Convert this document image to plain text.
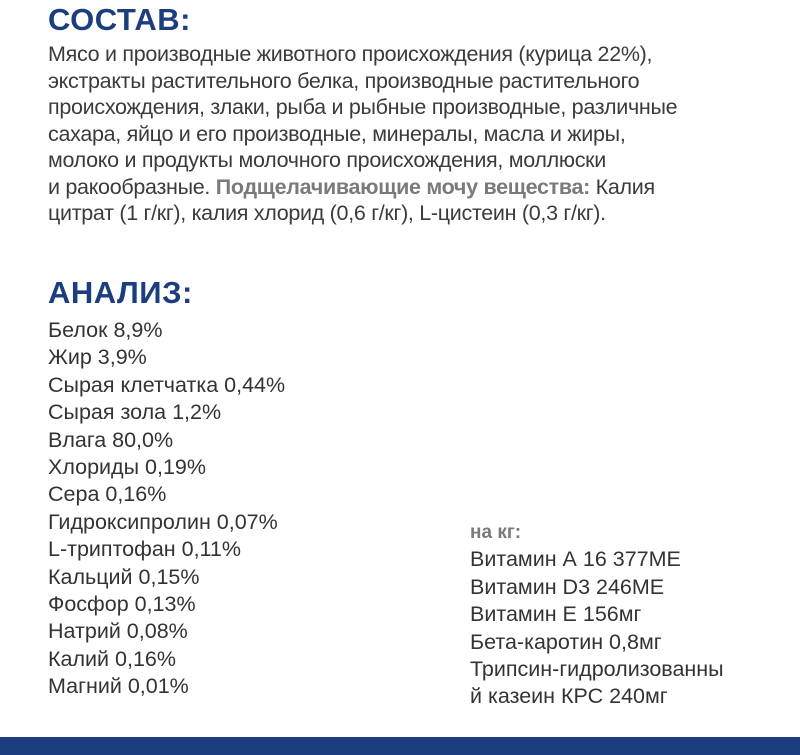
СОСТАВ:

Мясо и производные животного происхождения (курица 22%),
экстракты растительного белка, производные растительного
происхождения, злаки, рыба и рыбные производные, различные
сахара, яйцо и его производные, минералы, масла и жиры,
молоко и продукты молочного происхождения, моллюски
и ракообразные. Подщелачивающие мочу вещества: Калия
цитрат (1 г/кг), калия хлорид (0,6 г/кг), L-цистеин (0,3 г/кг).

АНАЛИЗ:
Белок 8,9%
Жир 3,9%
Сырая клетчатка 0,44%
Сырая зола 1,2%
Влага 80,0%
Хлориды 0,19%
Сера 0,16%
Гидроксипролин 0,07%
L-триптофан 0,11%
Кальций 0,15%
Фосфор 0,13%
Натрий 0,08%
Калий 0,16%
Магний 0,01%
на кг:
Витамин А 16 377МЕ
Витамин D3 246МЕ
Витамин Е 156мг
Бета-каротин 0,8мг
Трипсин-гидролизованны
й казеин КРС 240мг
